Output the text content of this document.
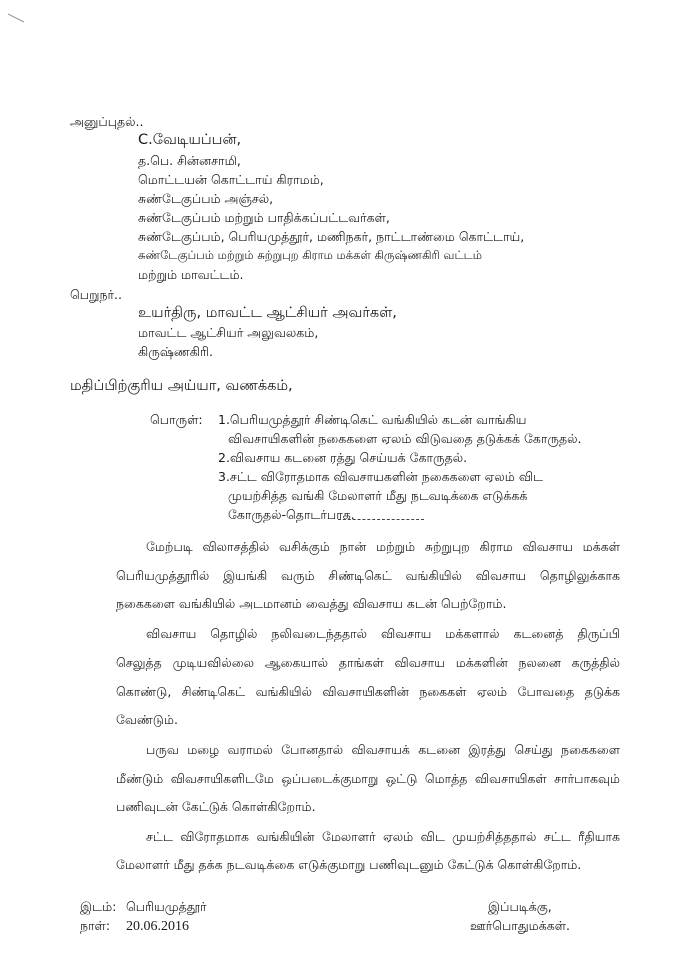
அனுப்புதல்..
C.வேடியப்பன்,
த.பெ. சின்னசாமி,
மொட்டயன் கொட்டாய் கிராமம்,
சுண்டேகுப்பம் அஞ்சல்,
சுண்டேகுப்பம் மற்றும் பாதிக்கப்பட்டவர்கள்,
சுண்டேகுப்பம், பெரியமுத்தூர், மணிநகர், நாட்டாண்மை கொட்டாய்,
சுண்டேகுப்பம் மற்றும் சுற்றுபுற கிராம மக்கள் கிருஷ்ணகிரி வட்டம்
மற்றும் மாவட்டம்.
பெறுநர்..
உயர்திரு, மாவட்ட ஆட்சியர் அவர்கள்,
மாவட்ட ஆட்சியர் அலுவலகம்,
கிருஷ்ணகிரி.
மதிப்பிற்குரிய அய்யா, வணக்கம்,
பொருள்: 1.பெரியமுத்தூர் சிண்டிகெட் வங்கியில் கடன் வாங்கிய
விவசாயிகளின் நகைகளை ஏலம் விடுவதை தடுக்கக் கோருதல்.
2.விவசாய கடனை ரத்து செய்யக் கோருதல்.
3.சட்ட விரோதமாக விவசாயகளின் நகைகளை ஏலம் விட
முயற்சித்த வங்கி மேலாளர் மீது நடவடிக்கை எடுக்கக்
கோருதல்-தொடர்பாக.
மேற்படி விலாசத்தில் வசிக்கும் நான் மற்றும் சுற்றுபுற கிராம விவசாய மக்கள்
பெரியமுத்தூரில் இயங்கி வரும் சிண்டிகெட் வங்கியில் விவசாய தொழிலுக்காக
நகைகளை வங்கியில் அடமானம் வைத்து விவசாய கடன் பெற்றோம்.
விவசாய தொழில் நலிவடைந்ததால் விவசாய மக்களால் கடனைத் திருப்பி
செலுத்த முடியவில்லை ஆகையால் தாங்கள் விவசாய மக்களின் நலனை கருத்தில்
கொண்டு, சிண்டிகெட் வங்கியில் விவசாயிகளின் நகைகள் ஏலம் போவதை தடுக்க
வேண்டும்.
பருவ மழை வராமல் போனதால் விவசாயக் கடனை இரத்து செய்து நகைகளை
மீண்டும் விவசாயிகளிடமே ஒப்படைக்குமாறு ஒட்டு மொத்த விவசாயிகள் சார்பாகவும்
பணிவுடன் கேட்டுக் கொள்கிறோம்.
சட்ட விரோதமாக வங்கியின் மேலாளர் ஏலம் விட முயற்சித்ததால் சட்ட ரீதியாக
மேலாளர் மீது தக்க நடவடிக்கை எடுக்குமாறு பணிவுடனும் கேட்டுக் கொள்கிறோம்.
இடம்: பெரியமுத்தூர்
நாள்: 20.06.2016
இப்படிக்கு,
ஊர்பொதுமக்கள்.
